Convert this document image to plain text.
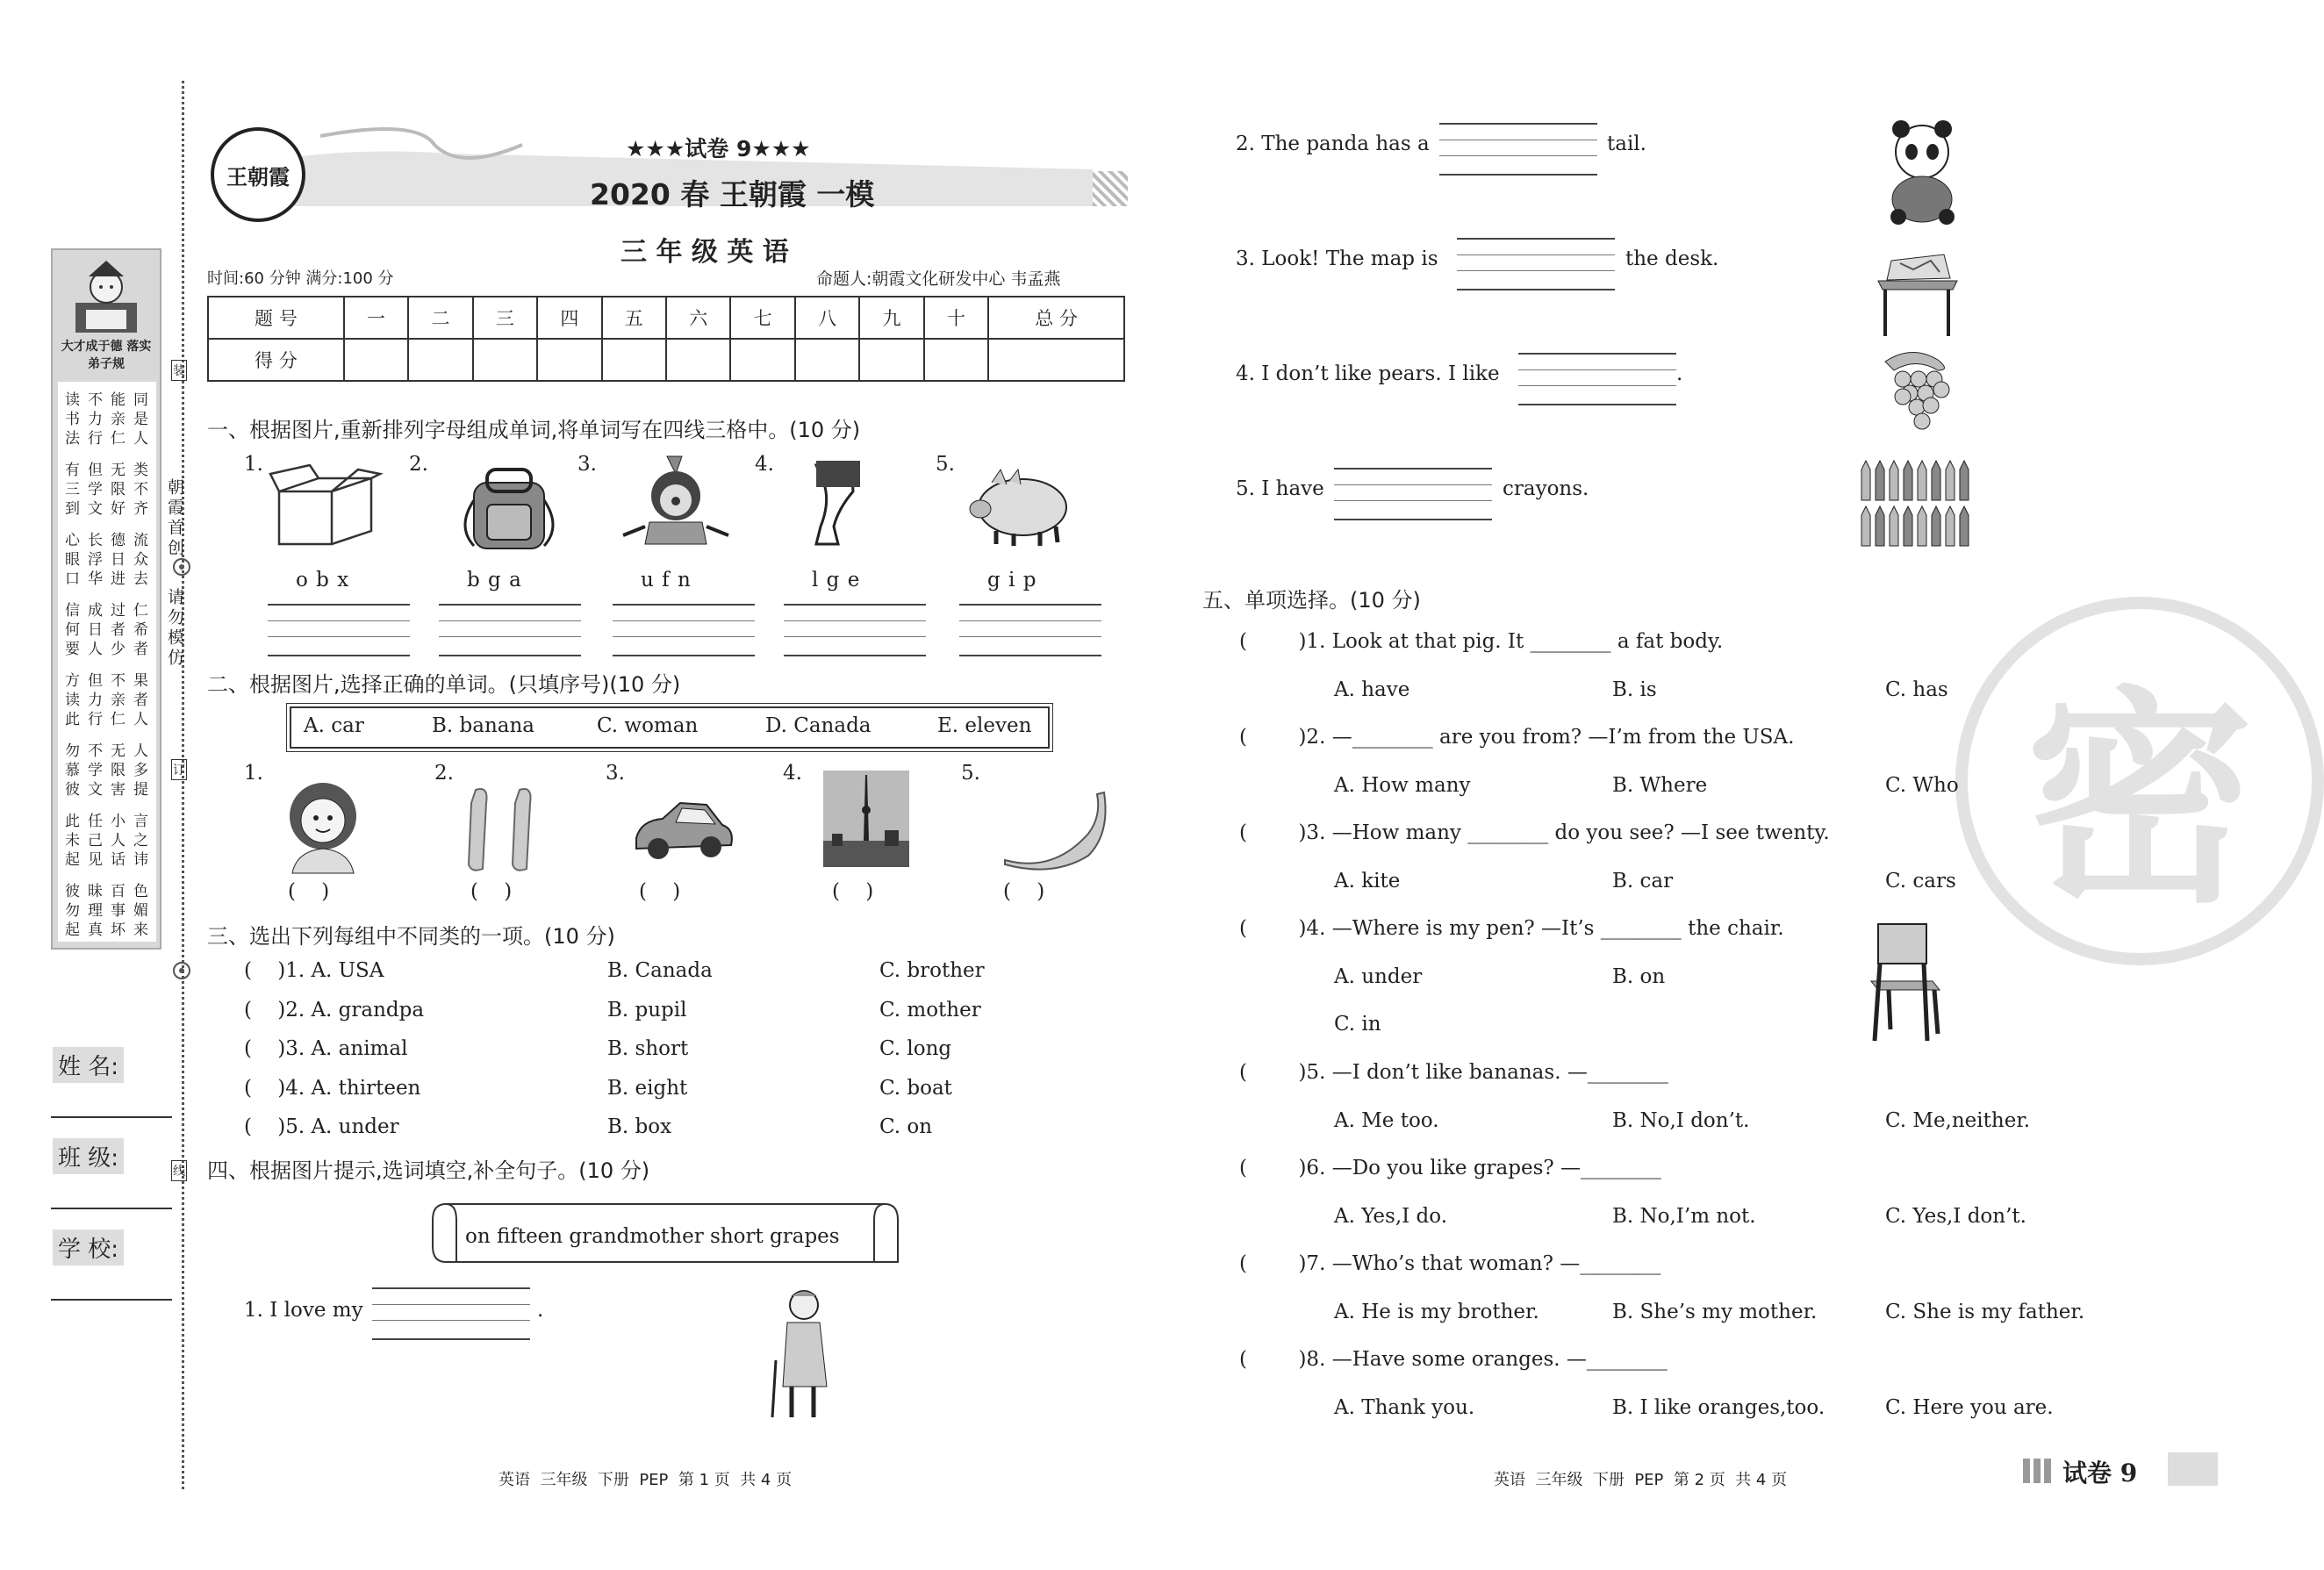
大才成于德 落实弟子规
读书法
不力行
能亲仁
同是人
有三到
但学文
无限好
类不齐
心眼口
长浮华
德日进
流众去
信何要
成日人
过者少
仁希者
方读此
但力行
不亲仁
果者人
勿慕彼
不学文
无限害
人多提
此未起
任己见
小人话
言之讳
彼勿起
昧理真
百事坏
色媚来
朝霞首创
请勿模仿
装
订
线
姓 名:
班 级:
学 校:
王朝霞
★★★试卷 9★★★
2020 春 王朝霞 一模
三 年 级 英 语
时间:60 分钟 满分:100 分	命题人:朝霞文化研发中心 韦孟燕
题 号	一	二	三	四	五	六	七	八	九	十	总 分
得 分											
一、根据图片,重新排列字母组成单词,将单词写在四线三格中。(10 分)
二、根据图片,选择正确的单词。(只填序号)(10 分)
A. car	B. banana	C. woman	D. Canada	E. eleven
三、选出下列每组中不同类的一项。(10 分)
四、根据图片提示,选词填空,补全句子。(10 分)
on fifteen grandmother short grapes
五、单项选择。(10 分)
密
英语  三年级  下册  PEP  第 1 页  共 4 页	英语  三年级  下册  PEP  第 2 页  共 4 页	试卷 9
1.
o b x
2.
b g a
3.
u f n
4.
l g e
5.
g i p
1.
(    )
2.
(    )
3.
(    )
4.
(    )
5.
(    )
(    )1. A. USA	B. Canada	C. brother
(    )2. A. grandpa	B. pupil	C. mother
(    )3. A. animal	B. short	C. long
(    )4. A. thirteen	B. eight	C. boat
(    )5. A. under	B. box	C. on
1. I love my	.
2. The panda has a	tail.
3. Look! The map is	the desk.
4. I don’t like pears. I like	.
5. I have	crayons.
(        )1. Look at that pig. It ________ a fat body.
A. have	B. is	C. has
(        )2. —________ are you from? —I’m from the USA.
A. How many	B. Where	C. Who
(        )3. —How many ________ do you see? —I see twenty.
A. kite	B. car	C. cars
(        )4. —Where is my pen? —It’s ________ the chair.
A. under	B. on
C. in
(        )5. —I don’t like bananas. —________
A. Me too.	B. No,I don’t.	C. Me,neither.
(        )6. —Do you like grapes? —________
A. Yes,I do.	B. No,I’m not.	C. Yes,I don’t.
(        )7. —Who’s that woman? —________
A. He is my brother.	B. She’s my mother.	C. She is my father.
(        )8. —Have some oranges. —________
A. Thank you.	B. I like oranges,too.	C. Here you are.
